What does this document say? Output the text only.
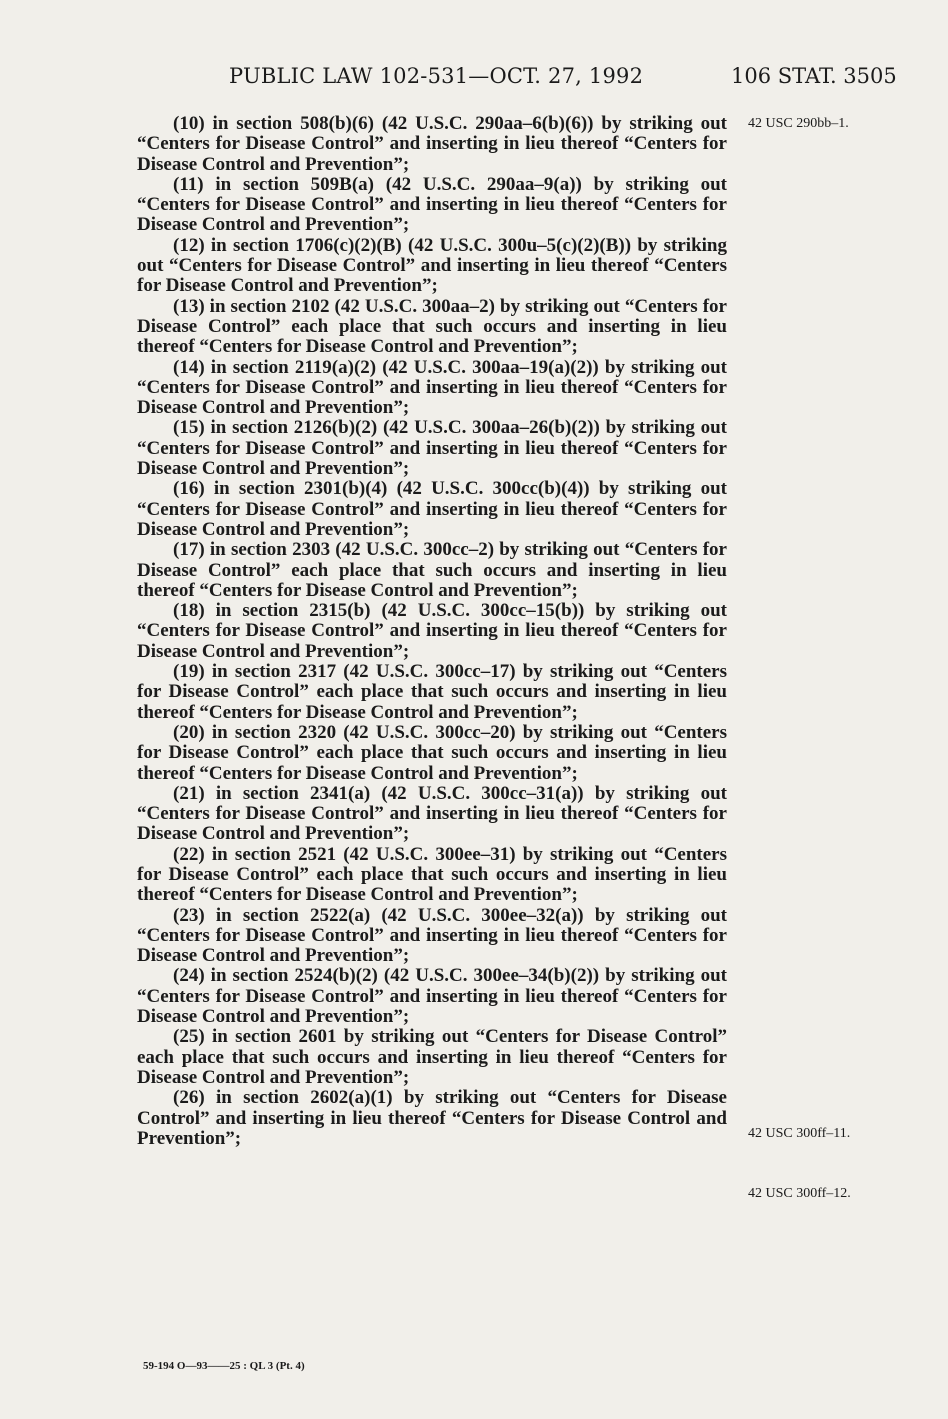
PUBLIC LAW 102-531—OCT. 27, 1992	106 STAT. 3505
42 USC 290bb–1.
42 USC 300ff–11.
42 USC 300ff–12.

(10) in section 508(b)(6) (42 U.S.C. 290aa–6(b)(6)) by striking out “Centers for Disease Control” and inserting in lieu thereof “Centers for Disease Control and Prevention”;

(11) in section 509B(a) (42 U.S.C. 290aa–9(a)) by striking out “Centers for Disease Control” and inserting in lieu thereof “Centers for Disease Control and Prevention”;

(12) in section 1706(c)(2)(B) (42 U.S.C. 300u–5(c)(2)(B)) by striking out “Centers for Disease Control” and inserting in lieu thereof “Centers for Disease Control and Prevention”;

(13) in section 2102 (42 U.S.C. 300aa–2) by striking out “Centers for Disease Control” each place that such occurs and inserting in lieu thereof “Centers for Disease Control and Prevention”;

(14) in section 2119(a)(2) (42 U.S.C. 300aa–19(a)(2)) by striking out “Centers for Disease Control” and inserting in lieu thereof “Centers for Disease Control and Prevention”;

(15) in section 2126(b)(2) (42 U.S.C. 300aa–26(b)(2)) by striking out “Centers for Disease Control” and inserting in lieu thereof “Centers for Disease Control and Prevention”;

(16) in section 2301(b)(4) (42 U.S.C. 300cc(b)(4)) by striking out “Centers for Disease Control” and inserting in lieu thereof “Centers for Disease Control and Prevention”;

(17) in section 2303 (42 U.S.C. 300cc–2) by striking out “Centers for Disease Control” each place that such occurs and inserting in lieu thereof “Centers for Disease Control and Prevention”;

(18) in section 2315(b) (42 U.S.C. 300cc–15(b)) by striking out “Centers for Disease Control” and inserting in lieu thereof “Centers for Disease Control and Prevention”;

(19) in section 2317 (42 U.S.C. 300cc–17) by striking out “Centers for Disease Control” each place that such occurs and inserting in lieu thereof “Centers for Disease Control and Prevention”;

(20) in section 2320 (42 U.S.C. 300cc–20) by striking out “Centers for Disease Control” each place that such occurs and inserting in lieu thereof “Centers for Disease Control and Prevention”;

(21) in section 2341(a) (42 U.S.C. 300cc–31(a)) by striking out “Centers for Disease Control” and inserting in lieu thereof “Centers for Disease Control and Prevention”;

(22) in section 2521 (42 U.S.C. 300ee–31) by striking out “Centers for Disease Control” each place that such occurs and inserting in lieu thereof “Centers for Disease Control and Prevention”;

(23) in section 2522(a) (42 U.S.C. 300ee–32(a)) by striking out “Centers for Disease Control” and inserting in lieu thereof “Centers for Disease Control and Prevention”;

(24) in section 2524(b)(2) (42 U.S.C. 300ee–34(b)(2)) by striking out “Centers for Disease Control” and inserting in lieu thereof “Centers for Disease Control and Prevention”;

(25) in section 2601 by striking out “Centers for Disease Control” each place that such occurs and inserting in lieu thereof “Centers for Disease Control and Prevention”;

(26) in section 2602(a)(1) by striking out “Centers for Disease Control” and inserting in lieu thereof “Centers for Disease Control and Prevention”;

59-194 O—93——25 : QL 3 (Pt. 4)
